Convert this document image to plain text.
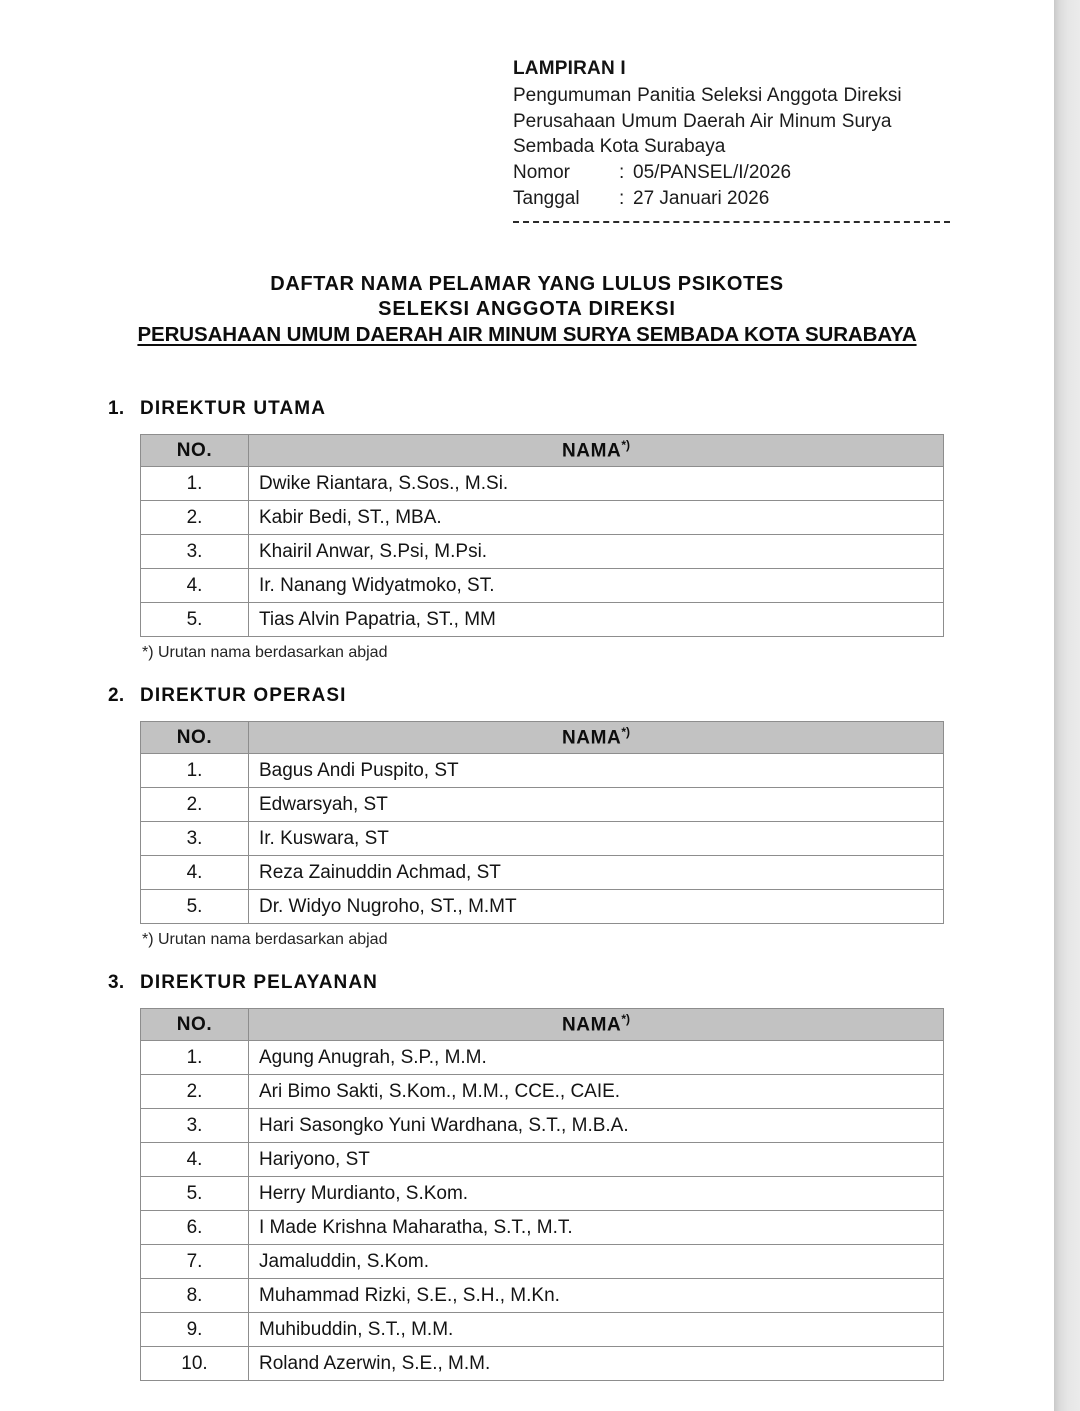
LAMPIRAN I
Pengumuman Panitia Seleksi Anggota Direksi
Perusahaan Umum Daerah Air Minum Surya
Sembada Kota Surabaya
Nomor	: 05/PANSEL/I/2026
Tanggal	: 27 Januari 2026
DAFTAR NAMA PELAMAR YANG LULUS PSIKOTES
SELEKSI ANGGOTA DIREKSI
PERUSAHAAN UMUM DAERAH AIR MINUM SURYA SEMBADA KOTA SURABAYA
1. DIREKTUR UTAMA
NO.	NAMA*)
1.	Dwike Riantara, S.Sos., M.Si.
2.	Kabir Bedi, ST., MBA.
3.	Khairil Anwar, S.Psi, M.Psi.
4.	Ir. Nanang Widyatmoko, ST.
5.	Tias Alvin Papatria, ST., MM
*) Urutan nama berdasarkan abjad
2. DIREKTUR OPERASI
NO.	NAMA*)
1.	Bagus Andi Puspito, ST
2.	Edwarsyah, ST
3.	Ir. Kuswara, ST
4.	Reza Zainuddin Achmad, ST
5.	Dr. Widyo Nugroho, ST., M.MT
*) Urutan nama berdasarkan abjad
3. DIREKTUR PELAYANAN
NO.	NAMA*)
1.	Agung Anugrah, S.P., M.M.
2.	Ari Bimo Sakti, S.Kom., M.M., CCE., CAIE.
3.	Hari Sasongko Yuni Wardhana, S.T., M.B.A.
4.	Hariyono, ST
5.	Herry Murdianto, S.Kom.
6.	I Made Krishna Maharatha, S.T., M.T.
7.	Jamaluddin, S.Kom.
8.	Muhammad Rizki, S.E., S.H., M.Kn.
9.	Muhibuddin, S.T., M.M.
10.	Roland Azerwin, S.E., M.M.
